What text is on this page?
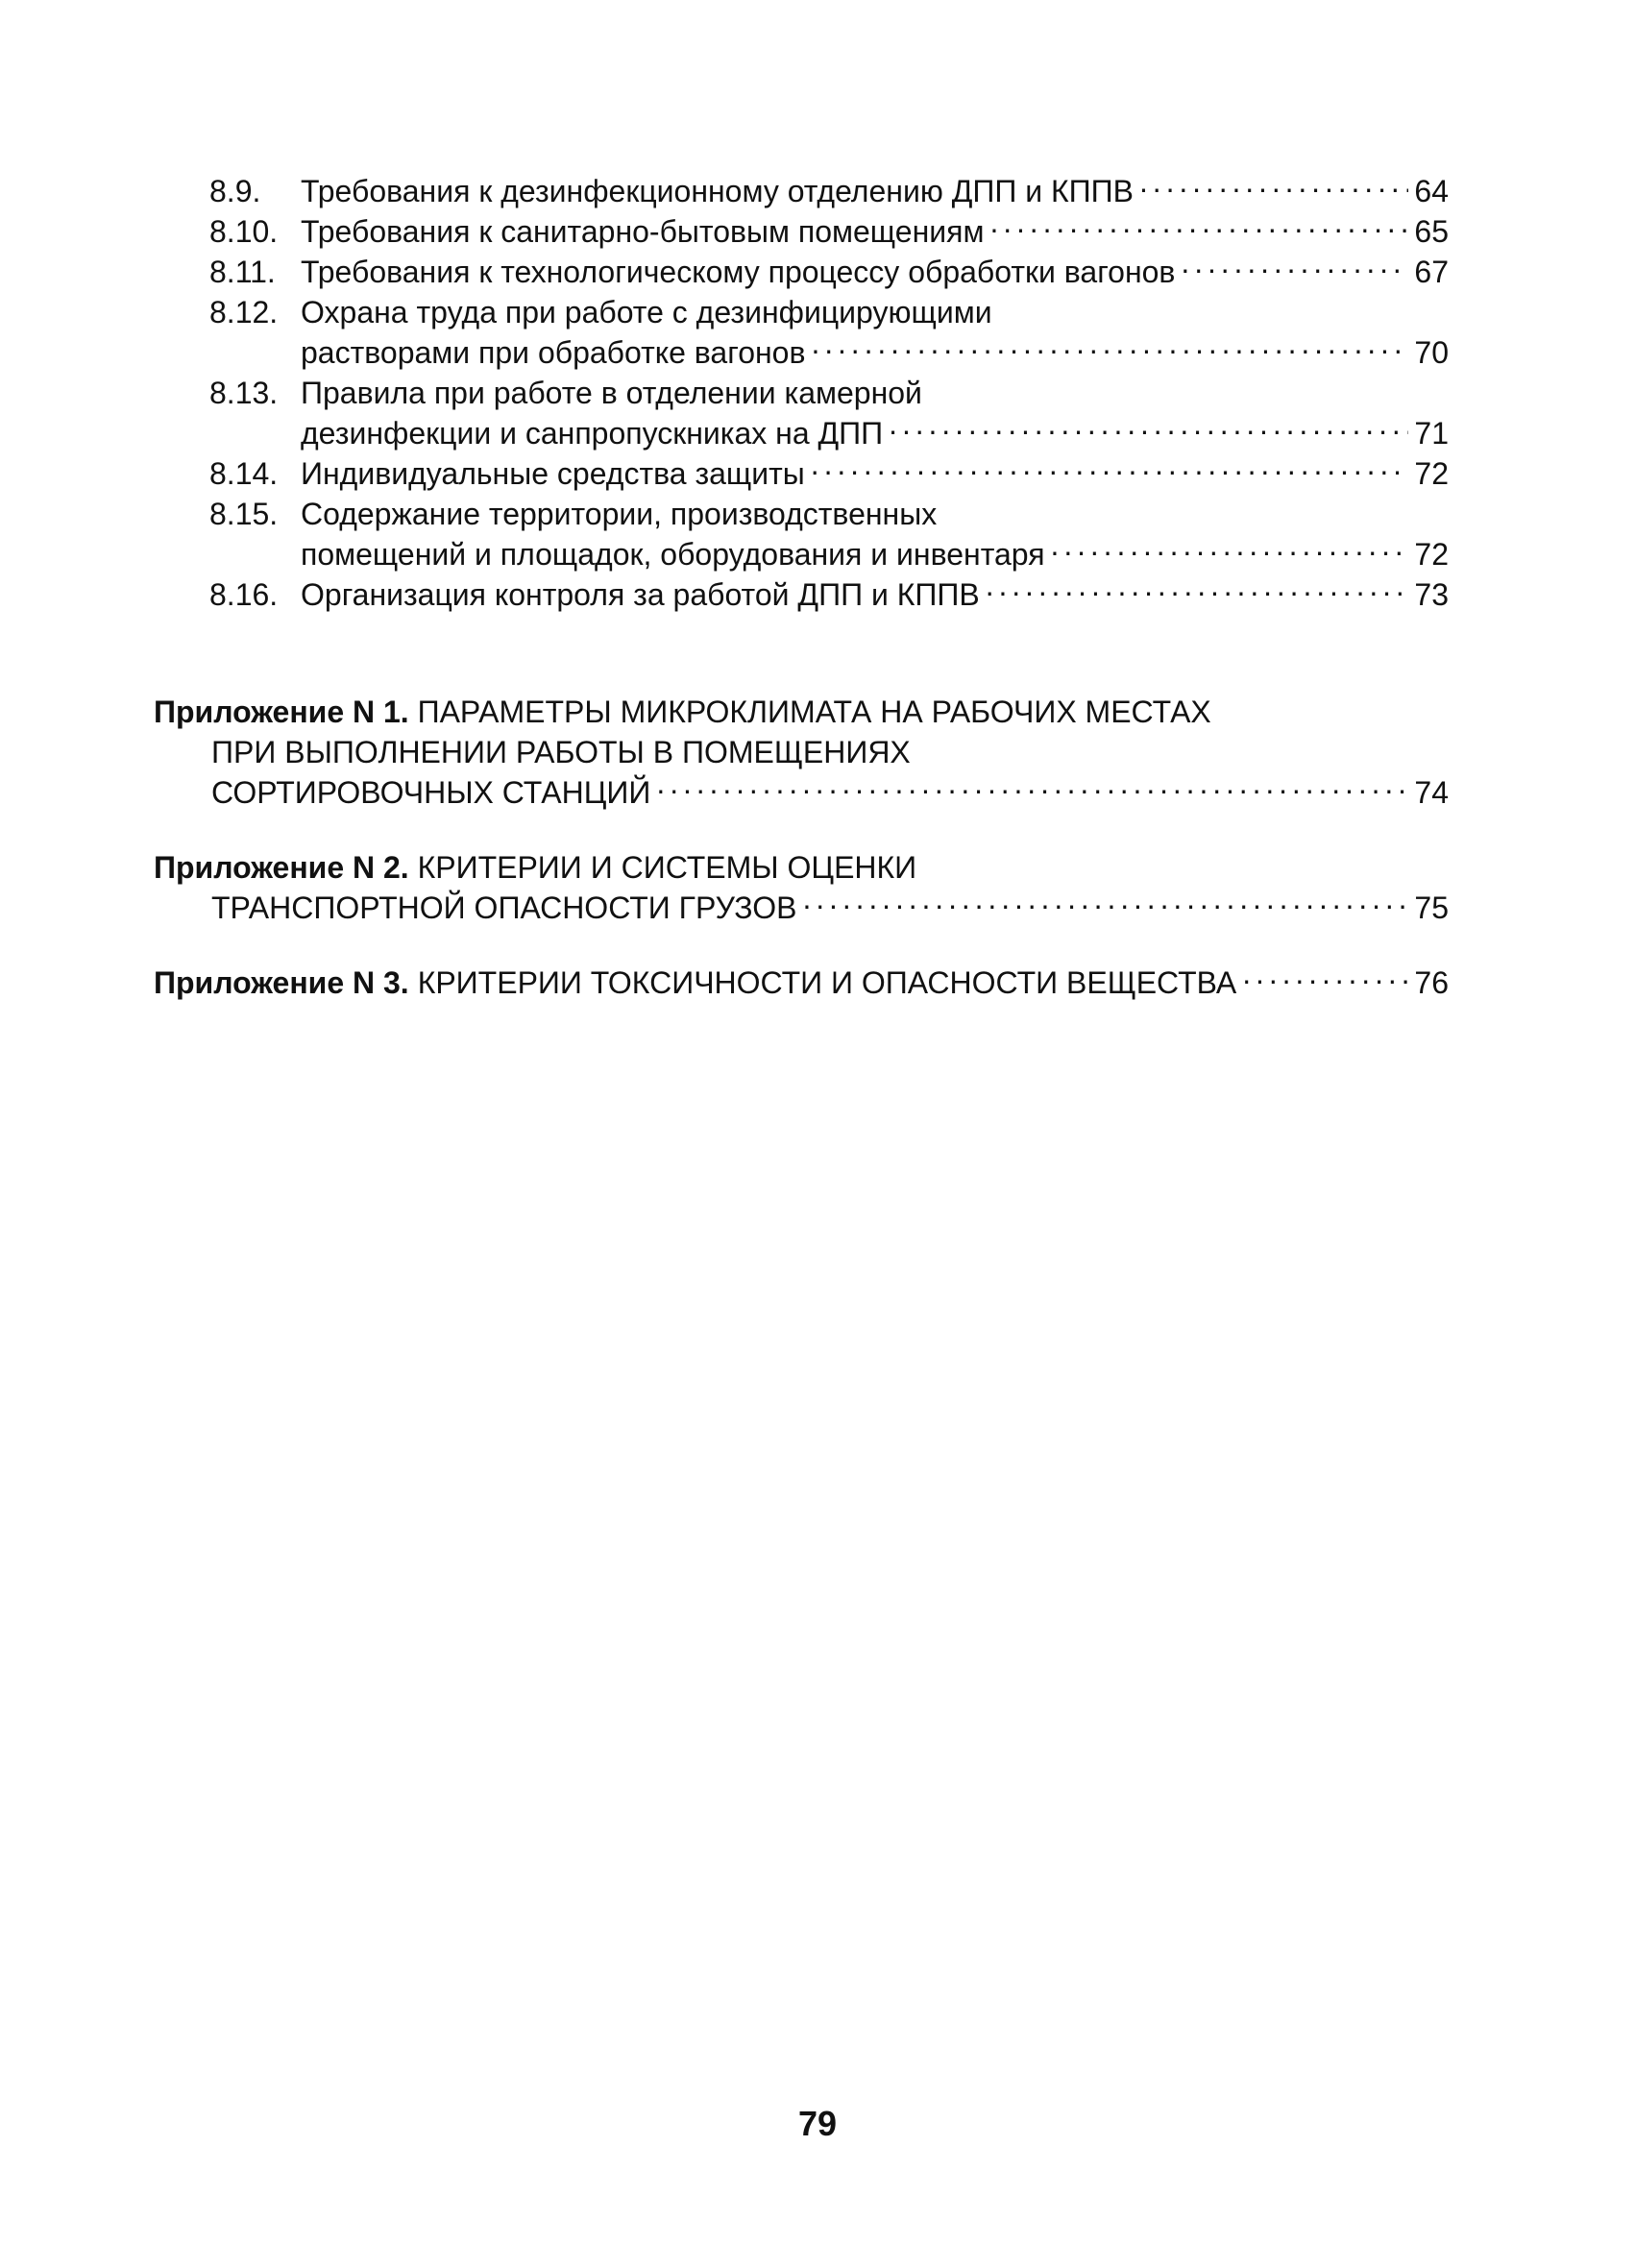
8.9.	Требования к дезинфекционному отделению ДПП и КППВ . . .	64
8.10. Требования к санитарно-бытовым помещениям . . .	65
8.11. Требования к технологическому процессу обработки вагонов . . .	67
8.12. Охрана труда при работе с дезинфицирующими
растворами при обработке вагонов . . .	70
8.13. Правила при работе в отделении камерной
дезинфекции и санпропускниках на ДПП . . .	71
8.14. Индивидуальные средства защиты . . .	72
8.15. Содержание территории, производственных
помещений и площадок, оборудования и инвентаря . . .	72
8.16. Организация контроля за работой ДПП и КППВ . . .	73
Приложение N 1. ПАРАМЕТРЫ МИКРОКЛИМАТА НА РАБОЧИХ МЕСТАХ
ПРИ ВЫПОЛНЕНИИ РАБОТЫ В ПОМЕЩЕНИЯХ
СОРТИРОВОЧНЫХ СТАНЦИЙ . . .	74
Приложение N 2. КРИТЕРИИ И СИСТЕМЫ ОЦЕНКИ
ТРАНСПОРТНОЙ ОПАСНОСТИ ГРУЗОВ . . .	75
Приложение N 3. КРИТЕРИИ ТОКСИЧНОСТИ И ОПАСНОСТИ ВЕЩЕСТВА . . .	76
79
